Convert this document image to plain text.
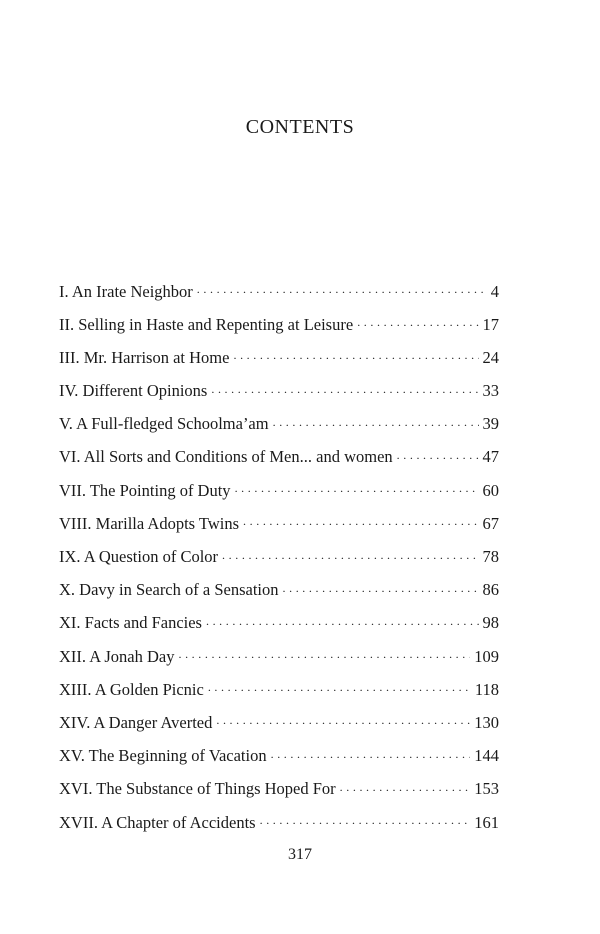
CONTENTS
I. An Irate Neighbor . . .	4
II. Selling in Haste and Repenting at Leisure . . .	17
III. Mr. Harrison at Home . . .	24
IV. Different Opinions . . .	33
V. A Full-fledged Schoolma’am . . .	39
VI. All Sorts and Conditions of Men... and women . . .	47
VII. The Pointing of Duty . . .	60
VIII. Marilla Adopts Twins . . .	67
IX. A Question of Color . . .	78
X. Davy in Search of a Sensation . . .	86
XI. Facts and Fancies . . .	98
XII. A Jonah Day . . .	109
XIII. A Golden Picnic . . .	118
XIV. A Danger Averted . . .	130
XV. The Beginning of Vacation . . .	144
XVI. The Substance of Things Hoped For . . .	153
XVII. A Chapter of Accidents . . .	161
317
